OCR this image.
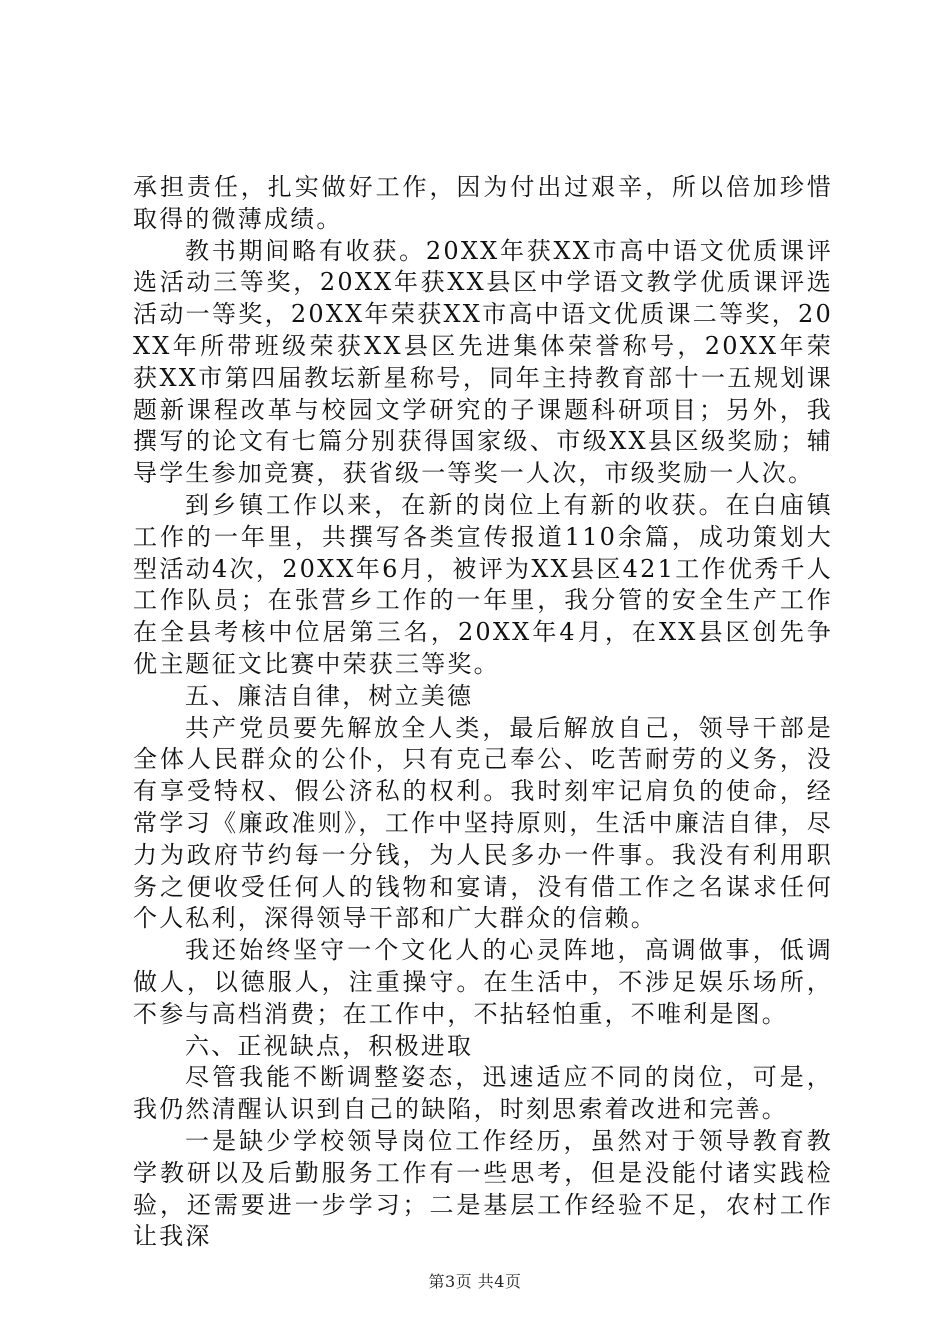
承担责任，扎实做好工作，因为付出过艰辛，所以倍加珍惜取得的微薄成绩。

教书期间略有收获。20XX年获XX市高中语文优质课评选活动三等奖，20XX年获XX县区中学语文教学优质课评选活动一等奖，20XX年荣获XX市高中语文优质课二等奖，20XX年所带班级荣获XX县区先进集体荣誉称号，20XX年荣获XX市第四届教坛新星称号，同年主持教育部十一五规划课题新课程改革与校园文学研究的子课题科研项目；另外，我撰写的论文有七篇分别获得国家级、市级XX县区级奖励；辅导学生参加竞赛，获省级一等奖一人次，市级奖励一人次。

到乡镇工作以来，在新的岗位上有新的收获。在白庙镇工作的一年里，共撰写各类宣传报道110余篇，成功策划大型活动4次，20XX年6月，被评为XX县区421工作优秀千人工作队员；在张营乡工作的一年里，我分管的安全生产工作在全县考核中位居第三名，20XX年4月，在XX县区创先争优主题征文比赛中荣获三等奖。

五、廉洁自律，树立美德

共产党员要先解放全人类，最后解放自己，领导干部是全体人民群众的公仆，只有克己奉公、吃苦耐劳的义务，没有享受特权、假公济私的权利。我时刻牢记肩负的使命，经常学习《廉政准则》，工作中坚持原则，生活中廉洁自律，尽力为政府节约每一分钱，为人民多办一件事。我没有利用职务之便收受任何人的钱物和宴请，没有借工作之名谋求任何个人私利，深得领导干部和广大群众的信赖。

我还始终坚守一个文化人的心灵阵地，高调做事，低调做人，以德服人，注重操守。在生活中，不涉足娱乐场所，不参与高档消费；在工作中，不拈轻怕重，不唯利是图。

六、正视缺点，积极进取

尽管我能不断调整姿态，迅速适应不同的岗位，可是，我仍然清醒认识到自己的缺陷，时刻思索着改进和完善。

一是缺少学校领导岗位工作经历，虽然对于领导教育教学教研以及后勤服务工作有一些思考，但是没能付诸实践检验，还需要进一步学习；二是基层工作经验不足，农村工作让我深

第3页 共4页
